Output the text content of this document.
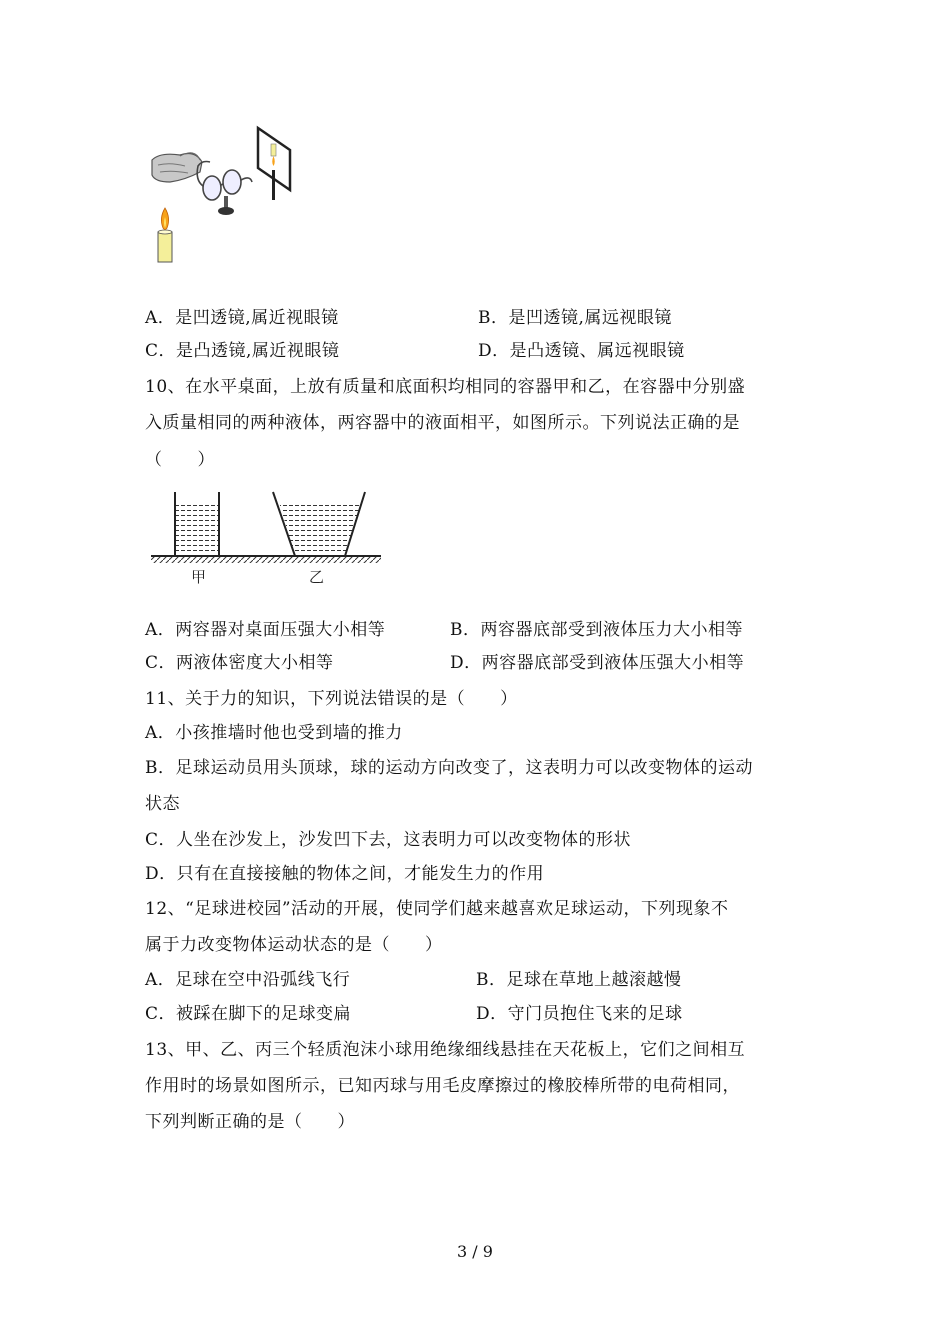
A．是凹透镜,属近视眼镜	B．是凹透镜,属远视眼镜
C．是凸透镜,属近视眼镜	D．是凸透镜、属远视眼镜
10、在水平桌面，上放有质量和底面积均相同的容器甲和乙，在容器中分别盛
入质量相同的两种液体，两容器中的液面相平，如图所示。下列说法正确的是
（　　）
甲	乙
A．两容器对桌面压强大小相等	B．两容器底部受到液体压力大小相等
C．两液体密度大小相等	D．两容器底部受到液体压强大小相等
11、关于力的知识，下列说法错误的是（　　）
A．小孩推墙时他也受到墙的推力
B．足球运动员用头顶球，球的运动方向改变了，这表明力可以改变物体的运动
状态
C．人坐在沙发上，沙发凹下去，这表明力可以改变物体的形状
D．只有在直接接触的物体之间，才能发生力的作用
12、“足球进校园”活动的开展，使同学们越来越喜欢足球运动，下列现象不
属于力改变物体运动状态的是（　　）
A．足球在空中沿弧线飞行	B．足球在草地上越滚越慢
C．被踩在脚下的足球变扁	D．守门员抱住飞来的足球
13、甲、乙、丙三个轻质泡沫小球用绝缘细线悬挂在天花板上，它们之间相互
作用时的场景如图所示，已知丙球与用毛皮摩擦过的橡胶棒所带的电荷相同，
下列判断正确的是（　　）
3 / 9
